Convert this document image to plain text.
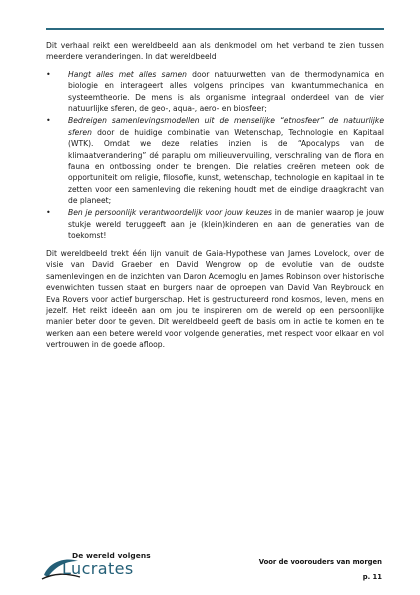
Dit verhaal reikt een wereldbeeld aan als denkmodel om het verband te zien tussen meerdere veranderingen. In dat wereldbeeld

• Hangt alles met alles samen door natuurwetten van de thermodynamica en biologie en interageert alles volgens principes van kwantummechanica en systeemtheorie. De mens is als organisme integraal onderdeel van de vier natuurlijke sferen, de geo-, aqua-, aero- en biosfeer;
• Bedreigen samenlevingsmodellen uit de menselijke “etnosfeer” de natuurlijke sferen door de huidige combinatie van Wetenschap, Technologie en Kapitaal (WTK). Omdat we deze relaties inzien is de “Apocalyps van de klimaatverandering” dé paraplu om milieuvervuiling, verschraling van de flora en fauna en ontbossing onder te brengen. Die relaties creëren meteen ook de opportuniteit om religie, filosofie, kunst, wetenschap, technologie en kapitaal in te zetten voor een samenleving die rekening houdt met de eindige draagkracht van de planeet;
• Ben je persoonlijk verantwoordelijk voor jouw keuzes in de manier waarop je jouw stukje wereld teruggeeft aan je (klein)kinderen en aan de generaties van de toekomst!

Dit wereldbeeld trekt één lijn vanuit de Gaia-Hypothese van James Lovelock, over de visie van David Graeber en David Wengrow op de evolutie van de oudste samenlevingen en de inzichten van Daron Acemoglu en James Robinson over historische evenwichten tussen staat en burgers naar de oproepen van David Van Reybrouck en Eva Rovers voor actief burgerschap. Het is gestructureerd rond kosmos, leven, mens en jezelf. Het reikt ideeën aan om jou te inspireren om de wereld op een persoonlijke manier beter door te geven. Dit wereldbeeld geeft de basis om in actie te komen en te werken aan een betere wereld voor volgende generaties, met respect voor elkaar en vol vertrouwen in de goede afloop.

De wereld volgens
Lucrates	Voor de voorouders van morgen
p. 11
